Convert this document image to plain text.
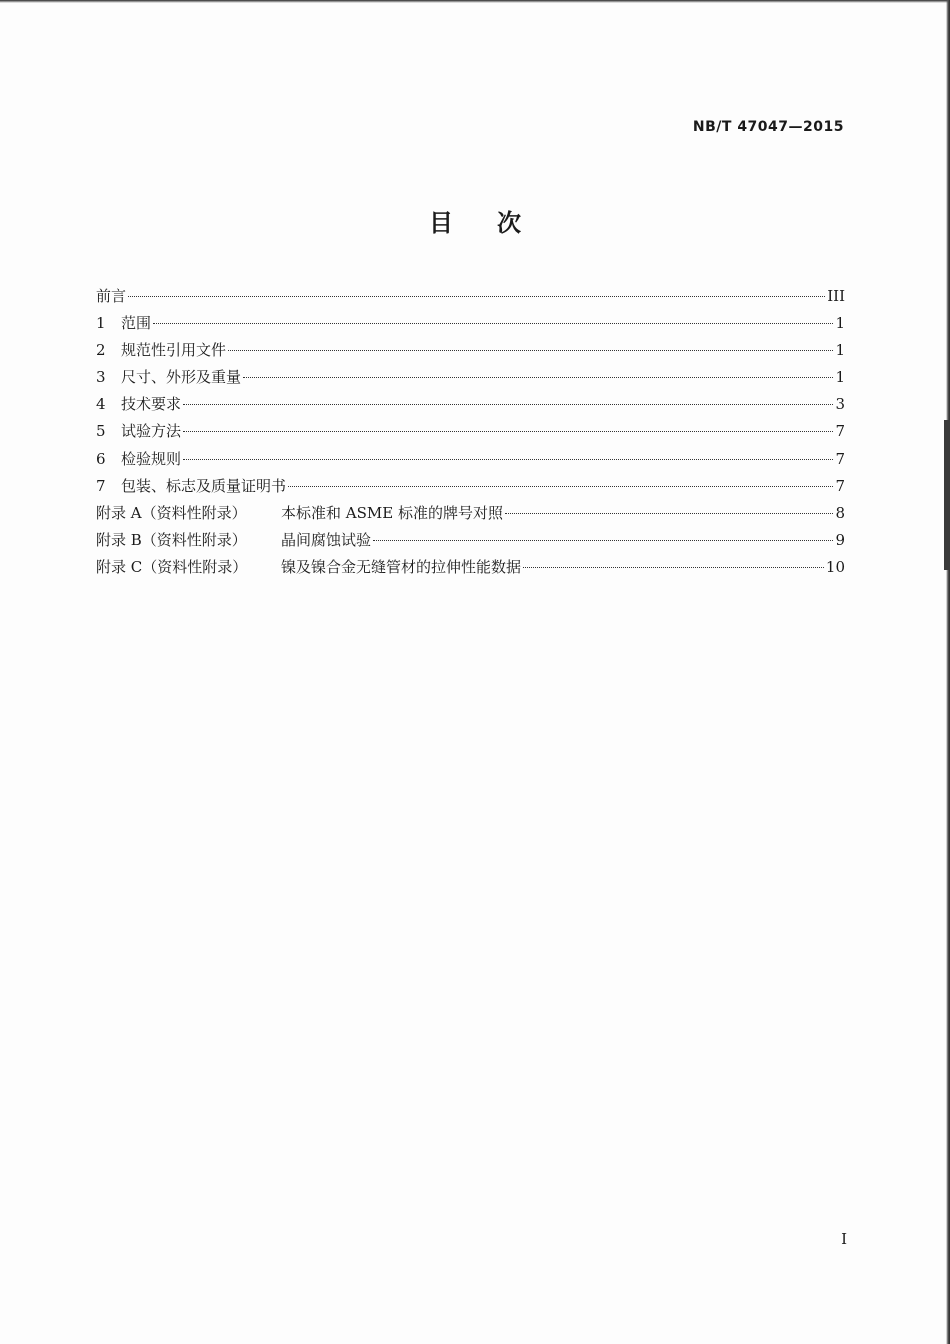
NB/T 47047—2015
目次
前言	III
1	范围	1
2	规范性引用文件	1
3	尺寸、外形及重量	1
4	技术要求	3
5	试验方法	7
6	检验规则	7
7	包装、标志及质量证明书	7
附录 A（资料性附录）	本标准和 ASME 标准的牌号对照	8
附录 B（资料性附录）	晶间腐蚀试验	9
附录 C（资料性附录）	镍及镍合金无缝管材的拉伸性能数据	10
I
